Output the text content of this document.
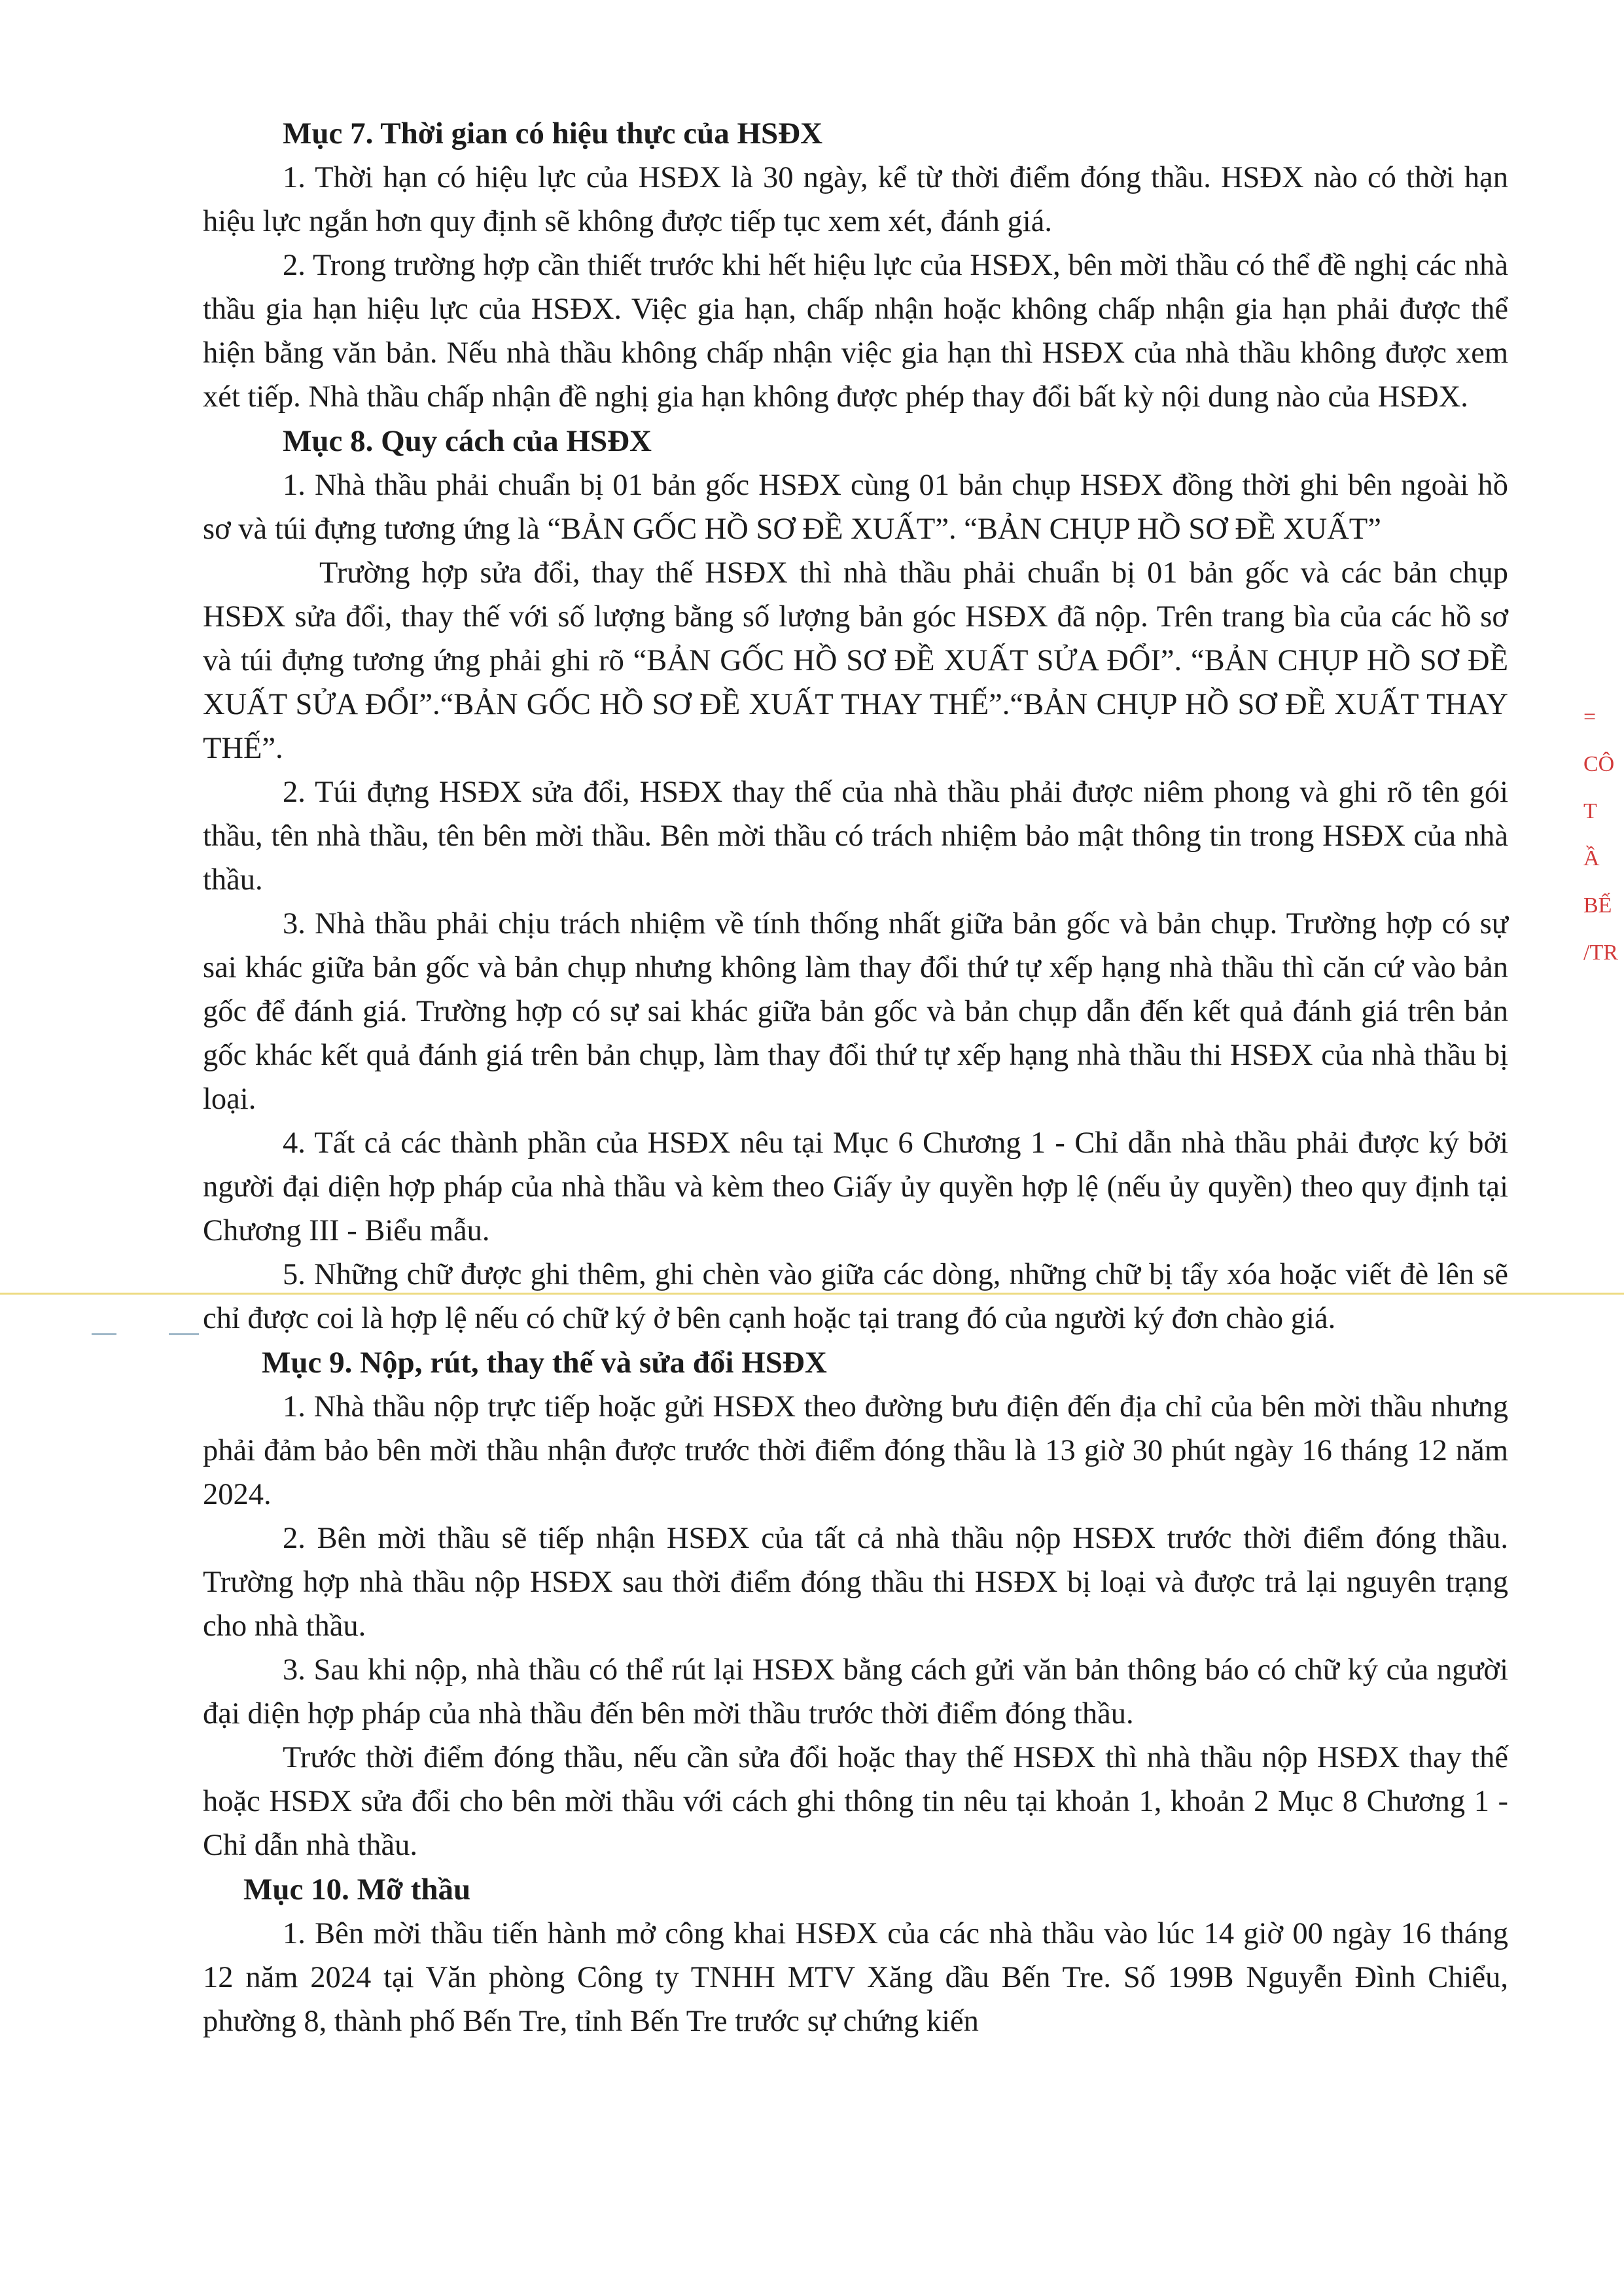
Mục 7. Thời gian có hiệu thực của HSĐX

1. Thời hạn có hiệu lực của HSĐX là 30 ngày, kể từ thời điểm đóng thầu. HSĐX nào có thời hạn hiệu lực ngắn hơn quy định sẽ không được tiếp tục xem xét, đánh giá.

2. Trong trường hợp cần thiết trước khi hết hiệu lực của HSĐX, bên mời thầu có thể đề nghị các nhà thầu gia hạn hiệu lực của HSĐX. Việc gia hạn, chấp nhận hoặc không chấp nhận gia hạn phải được thể hiện bằng văn bản. Nếu nhà thầu không chấp nhận việc gia hạn thì HSĐX của nhà thầu không được xem xét tiếp. Nhà thầu chấp nhận đề nghị gia hạn không được phép thay đổi bất kỳ nội dung nào của HSĐX.

Mục 8. Quy cách của HSĐX

1. Nhà thầu phải chuẩn bị 01 bản gốc HSĐX cùng 01 bản chụp HSĐX đồng thời ghi bên ngoài hồ sơ và túi đựng tương ứng là “BẢN GỐC HỒ SƠ ĐỀ XUẤT”. “BẢN CHỤP HỒ SƠ ĐỀ XUẤT”

Trường hợp sửa đổi, thay thế HSĐX thì nhà thầu phải chuẩn bị 01 bản gốc và các bản chụp HSĐX sửa đổi, thay thế với số lượng bằng số lượng bản góc HSĐX đã nộp. Trên trang bìa của các hồ sơ và túi đựng tương ứng phải ghi rõ “BẢN GỐC HỒ SƠ ĐỀ XUẤT SỬA ĐỔI”. “BẢN CHỤP HỒ SƠ ĐỀ XUẤT SỬA ĐỔI”.“BẢN GỐC HỒ SƠ ĐỀ XUẤT THAY THẾ”.“BẢN CHỤP HỒ SƠ ĐỀ XUẤT THAY THẾ”.

2. Túi đựng HSĐX sửa đổi, HSĐX thay thế của nhà thầu phải được niêm phong và ghi rõ tên gói thầu, tên nhà thầu, tên bên mời thầu. Bên mời thầu có trách nhiệm bảo mật thông tin trong HSĐX của nhà thầu.

3. Nhà thầu phải chịu trách nhiệm về tính thống nhất giữa bản gốc và bản chụp. Trường hợp có sự sai khác giữa bản gốc và bản chụp nhưng không làm thay đổi thứ tự xếp hạng nhà thầu thì căn cứ vào bản gốc để đánh giá. Trường hợp có sự sai khác giữa bản gốc và bản chụp dẫn đến kết quả đánh giá trên bản gốc khác kết quả đánh giá trên bản chụp, làm thay đổi thứ tự xếp hạng nhà thầu thi HSĐX của nhà thầu bị loại.

4. Tất cả các thành phần của HSĐX nêu tại Mục 6 Chương 1 - Chỉ dẫn nhà thầu phải được ký bởi người đại diện hợp pháp của nhà thầu và kèm theo Giấy ủy quyền hợp lệ (nếu ủy quyền) theo quy định tại Chương III - Biểu mẫu.

5. Những chữ được ghi thêm, ghi chèn vào giữa các dòng, những chữ bị tẩy xóa hoặc viết đè lên sẽ chỉ được coi là hợp lệ nếu có chữ ký ở bên cạnh hoặc tại trang đó của người ký đơn chào giá.

Mục 9. Nộp, rút, thay thế và sửa đổi HSĐX

1. Nhà thầu nộp trực tiếp hoặc gửi HSĐX theo đường bưu điện đến địa chỉ của bên mời thầu nhưng phải đảm bảo bên mời thầu nhận được trước thời điểm đóng thầu là 13 giờ 30 phút ngày 16 tháng 12 năm 2024.

2. Bên mời thầu sẽ tiếp nhận HSĐX của tất cả nhà thầu nộp HSĐX trước thời điểm đóng thầu. Trường hợp nhà thầu nộp HSĐX sau thời điểm đóng thầu thi HSĐX bị loại và được trả lại nguyên trạng cho nhà thầu.

3. Sau khi nộp, nhà thầu có thể rút lại HSĐX bằng cách gửi văn bản thông báo có chữ ký của người đại diện hợp pháp của nhà thầu đến bên mời thầu trước thời điểm đóng thầu.

Trước thời điểm đóng thầu, nếu cần sửa đổi hoặc thay thế HSĐX thì nhà thầu nộp HSĐX thay thế hoặc HSĐX sửa đổi cho bên mời thầu với cách ghi thông tin nêu tại khoản 1, khoản 2 Mục 8 Chương 1 - Chỉ dẫn nhà thầu.

Mục 10. Mỡ thầu

1. Bên mời thầu tiến hành mở công khai HSĐX của các nhà thầu vào lúc 14 giờ 00 ngày 16 tháng 12 năm 2024 tại Văn phòng Công ty TNHH MTV Xăng dầu Bến Tre. Số 199B Nguyễn Đình Chiểu, phường 8, thành phố Bến Tre, tỉnh Bến Tre trước sự chứng kiến

=
CÔ
T
Ầ
BẾ
/TR
